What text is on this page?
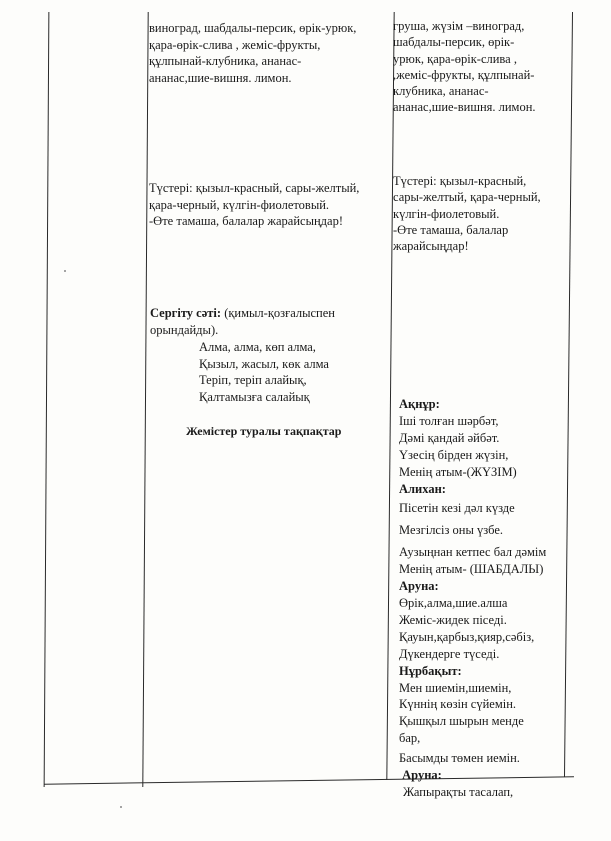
виноград, шабдалы-персик, өрік-урюк,
қара-өрік-слива , жеміс-фрукты,
құлпынай-клубника, ананас-
ананас,шие-вишня. лимон.
Түстері: қызыл-красный, сары-желтый,
қара-черный, күлгін-фиолетовый.
-Өте тамаша, балалар жарайсыңдар!
Сергіту сәті: (қимыл-қозғалыспен
орындайды).
Алма, алма, көп алма,
Қызыл, жасыл, көк алма
Теріп, теріп алайық,
Қалтамызға салайық
Жемістер туралы тақпақтар
груша, жүзім –виноград,
шабдалы-персик, өрік-
урюк, қара-өрік-слива ,
,жеміс-фрукты, құлпынай-
клубника, ананас-
ананас,шие-вишня. лимон.
Түстері: қызыл-красный,
сары-желтый, қара-черный,
күлгін-фиолетовый.
-Өте тамаша, балалар
жарайсыңдар!
Ақнұр:
Іші толған шәрбәт,
Дәмі қандай әйбәт.
Үзесің бірден жүзін,
Менің атым-(ЖҮЗІМ)
Алихан:
Пісетін кезі дәл күзде
Мезгілсіз оны үзбе.
Аузыңнан кетпес бал дәмім
Менің атым- (ШАБДАЛЫ)
Аруна:
Өрік,алма,шие.алша
Жеміс-жидек піседі.
Қауын,қарбыз,қияр,сәбіз,
Дүкендерге түседі.
Нұрбақыт:
Мен шиемін,шиемін,
Күннің көзін сүйемін.
Қышқыл шырын менде
бар,
Басымды төмен иемін.
Аруна:
Жапырақты тасалап,
